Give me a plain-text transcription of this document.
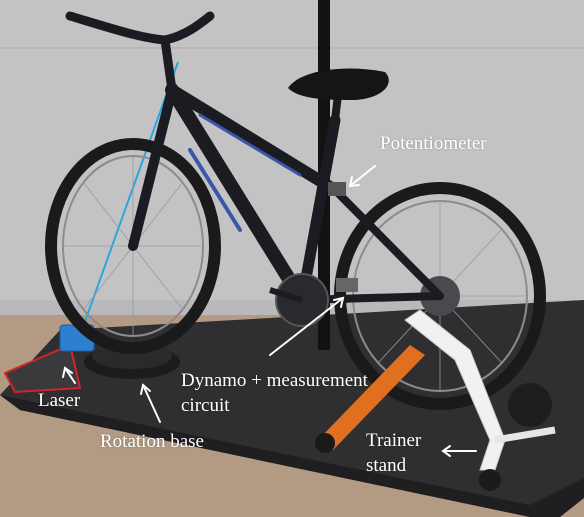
Potentiometer
Dynamo + measurement
circuit
Laser
Rotation base	Trainer
stand
